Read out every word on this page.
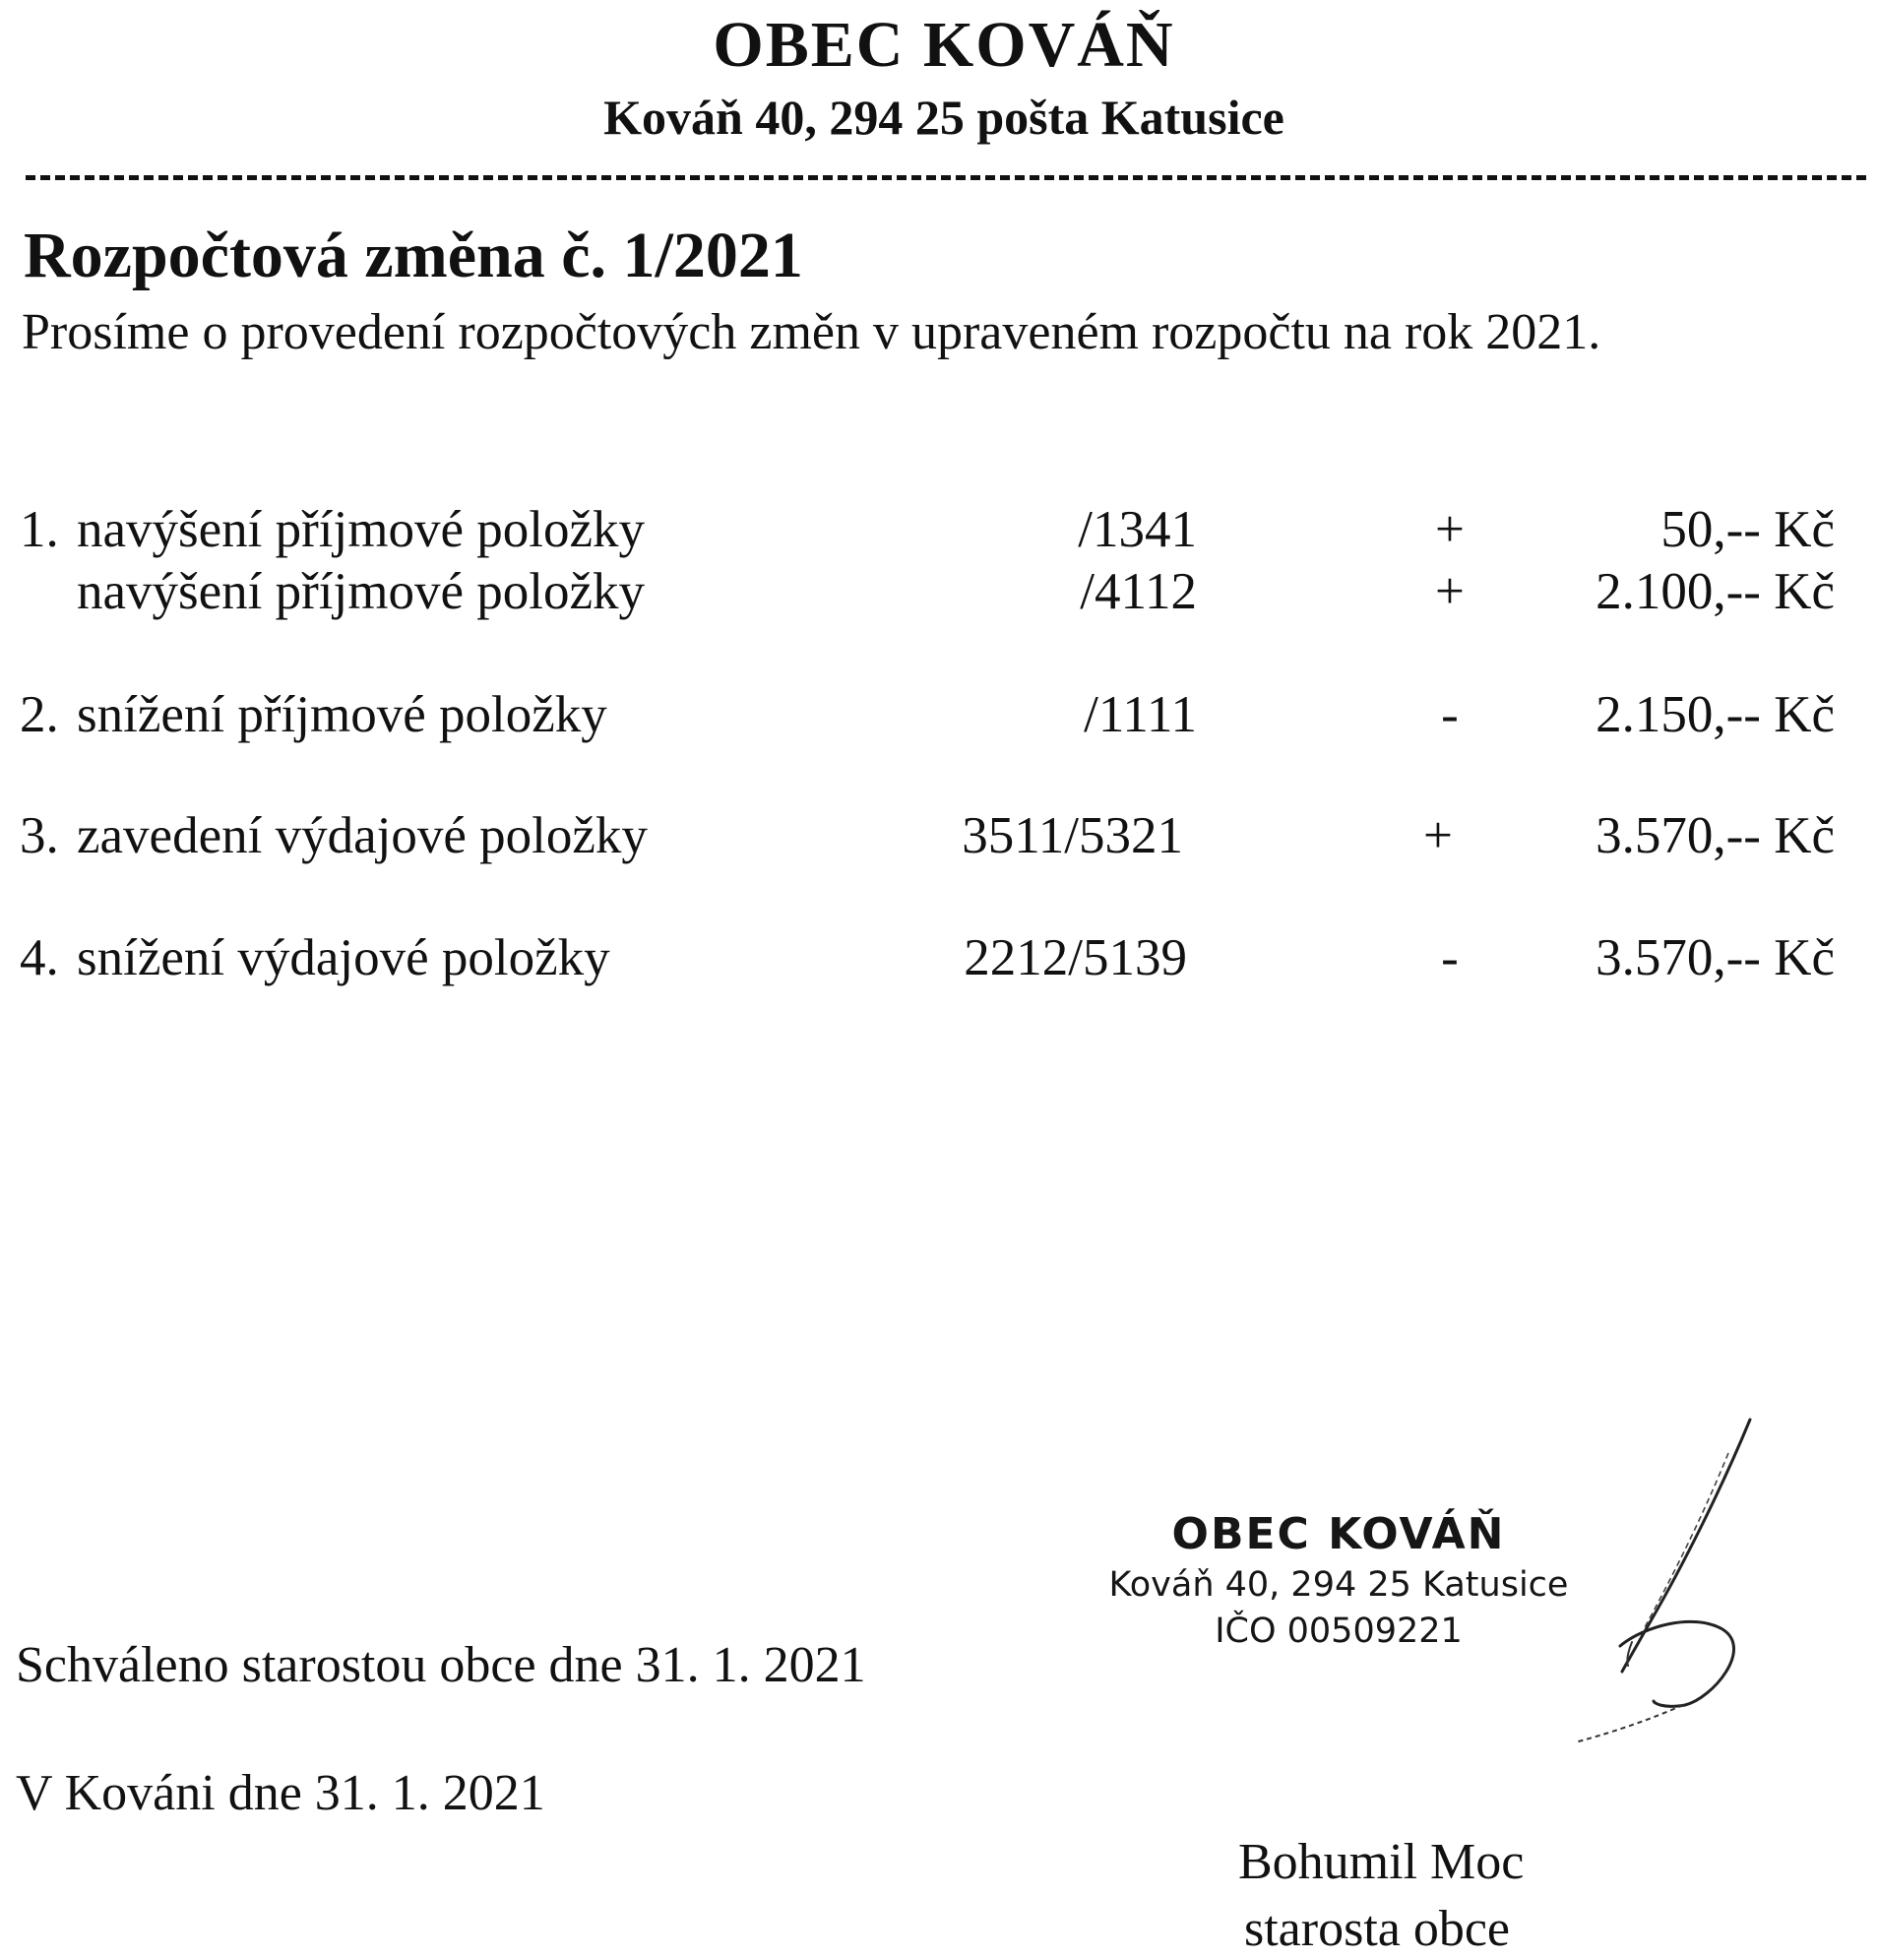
OBEC KOVÁŇ
Kováň 40, 294 25 pošta Katusice
Rozpočtová změna č. 1/2021
Prosíme o provedení rozpočtových změn v upraveném rozpočtu na rok 2021.
1. navýšení příjmové položky	/1341	+	50,-- Kč
navýšení příjmové položky	/4112	+	2.100,-- Kč
2. snížení příjmové položky	/1111	-	2.150,-- Kč
3. zavedení výdajové položky	3511/5321	+	3.570,-- Kč
4. snížení výdajové položky	2212/5139	-	3.570,-- Kč
Schváleno starostou obce dne 31. 1. 2021
V Kováni dne 31. 1. 2021
OBEC KOVÁŇ
Kováň 40, 294 25 Katusice
IČO 00509221
Bohumil Moc
starosta obce
